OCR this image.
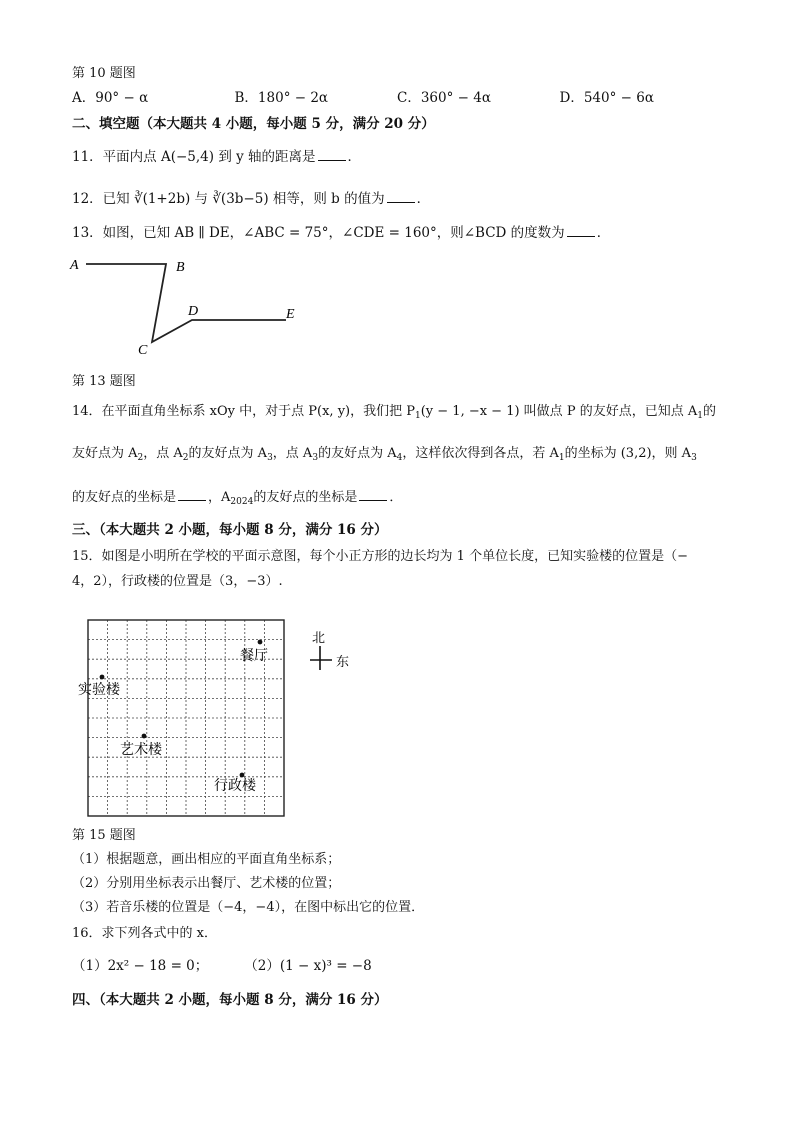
第 10 题图
A．90° − α	B．180° − 2α	C．360° − 4α	D．540° − 6α
二、填空题（本大题共 4 小题，每小题 5 分，满分 20 分）
11．平面内点 A(−5,4) 到 y 轴的距离是 ．
12．已知 ∛(1+2b) 与 ∛(3b−5) 相等，则 b 的值为 ．
13．如图，已知 AB ∥ DE，∠ABC = 75°，∠CDE = 160°，则∠BCD 的度数为 ．
A	B
C
D	E
第 13 题图
14．在平面直角坐标系 xOy 中，对于点 P(x, y)，我们把 $P_1(y - 1$, −x − 1) 叫做点 P 的友好点，已知点 $A_1$的
友好点为 $A_2$，点 $A_2$的友好点为 $A_3$，点 $A_3$的友好点为 $A_4$，这样依次得到各点，若 $A_1$的坐标为 (3,2)，则 $A_3$
的友好点的坐标是 ，$A_{2024}$的友好点的坐标是 ．
三、（本大题共 2 小题，每小题 8 分，满分 16 分）
15．如图是小明所在学校的平面示意图，每个小正方形的边长均为 1 个单位长度，已知实验楼的位置是（−
4，2），行政楼的位置是（3，−3）.
餐厅
实验楼
艺术楼
行政楼
北
东
第 15 题图
（1）根据题意，画出相应的平面直角坐标系；
（2）分别用坐标表示出餐厅、艺术楼的位置；
（3）若音乐楼的位置是（−4，−4），在图中标出它的位置．
16．求下列各式中的 x．
（1）2x² − 18 = 0；	（2）(1 − x)³ = −8
四、（本大题共 2 小题，每小题 8 分，满分 16 分）
